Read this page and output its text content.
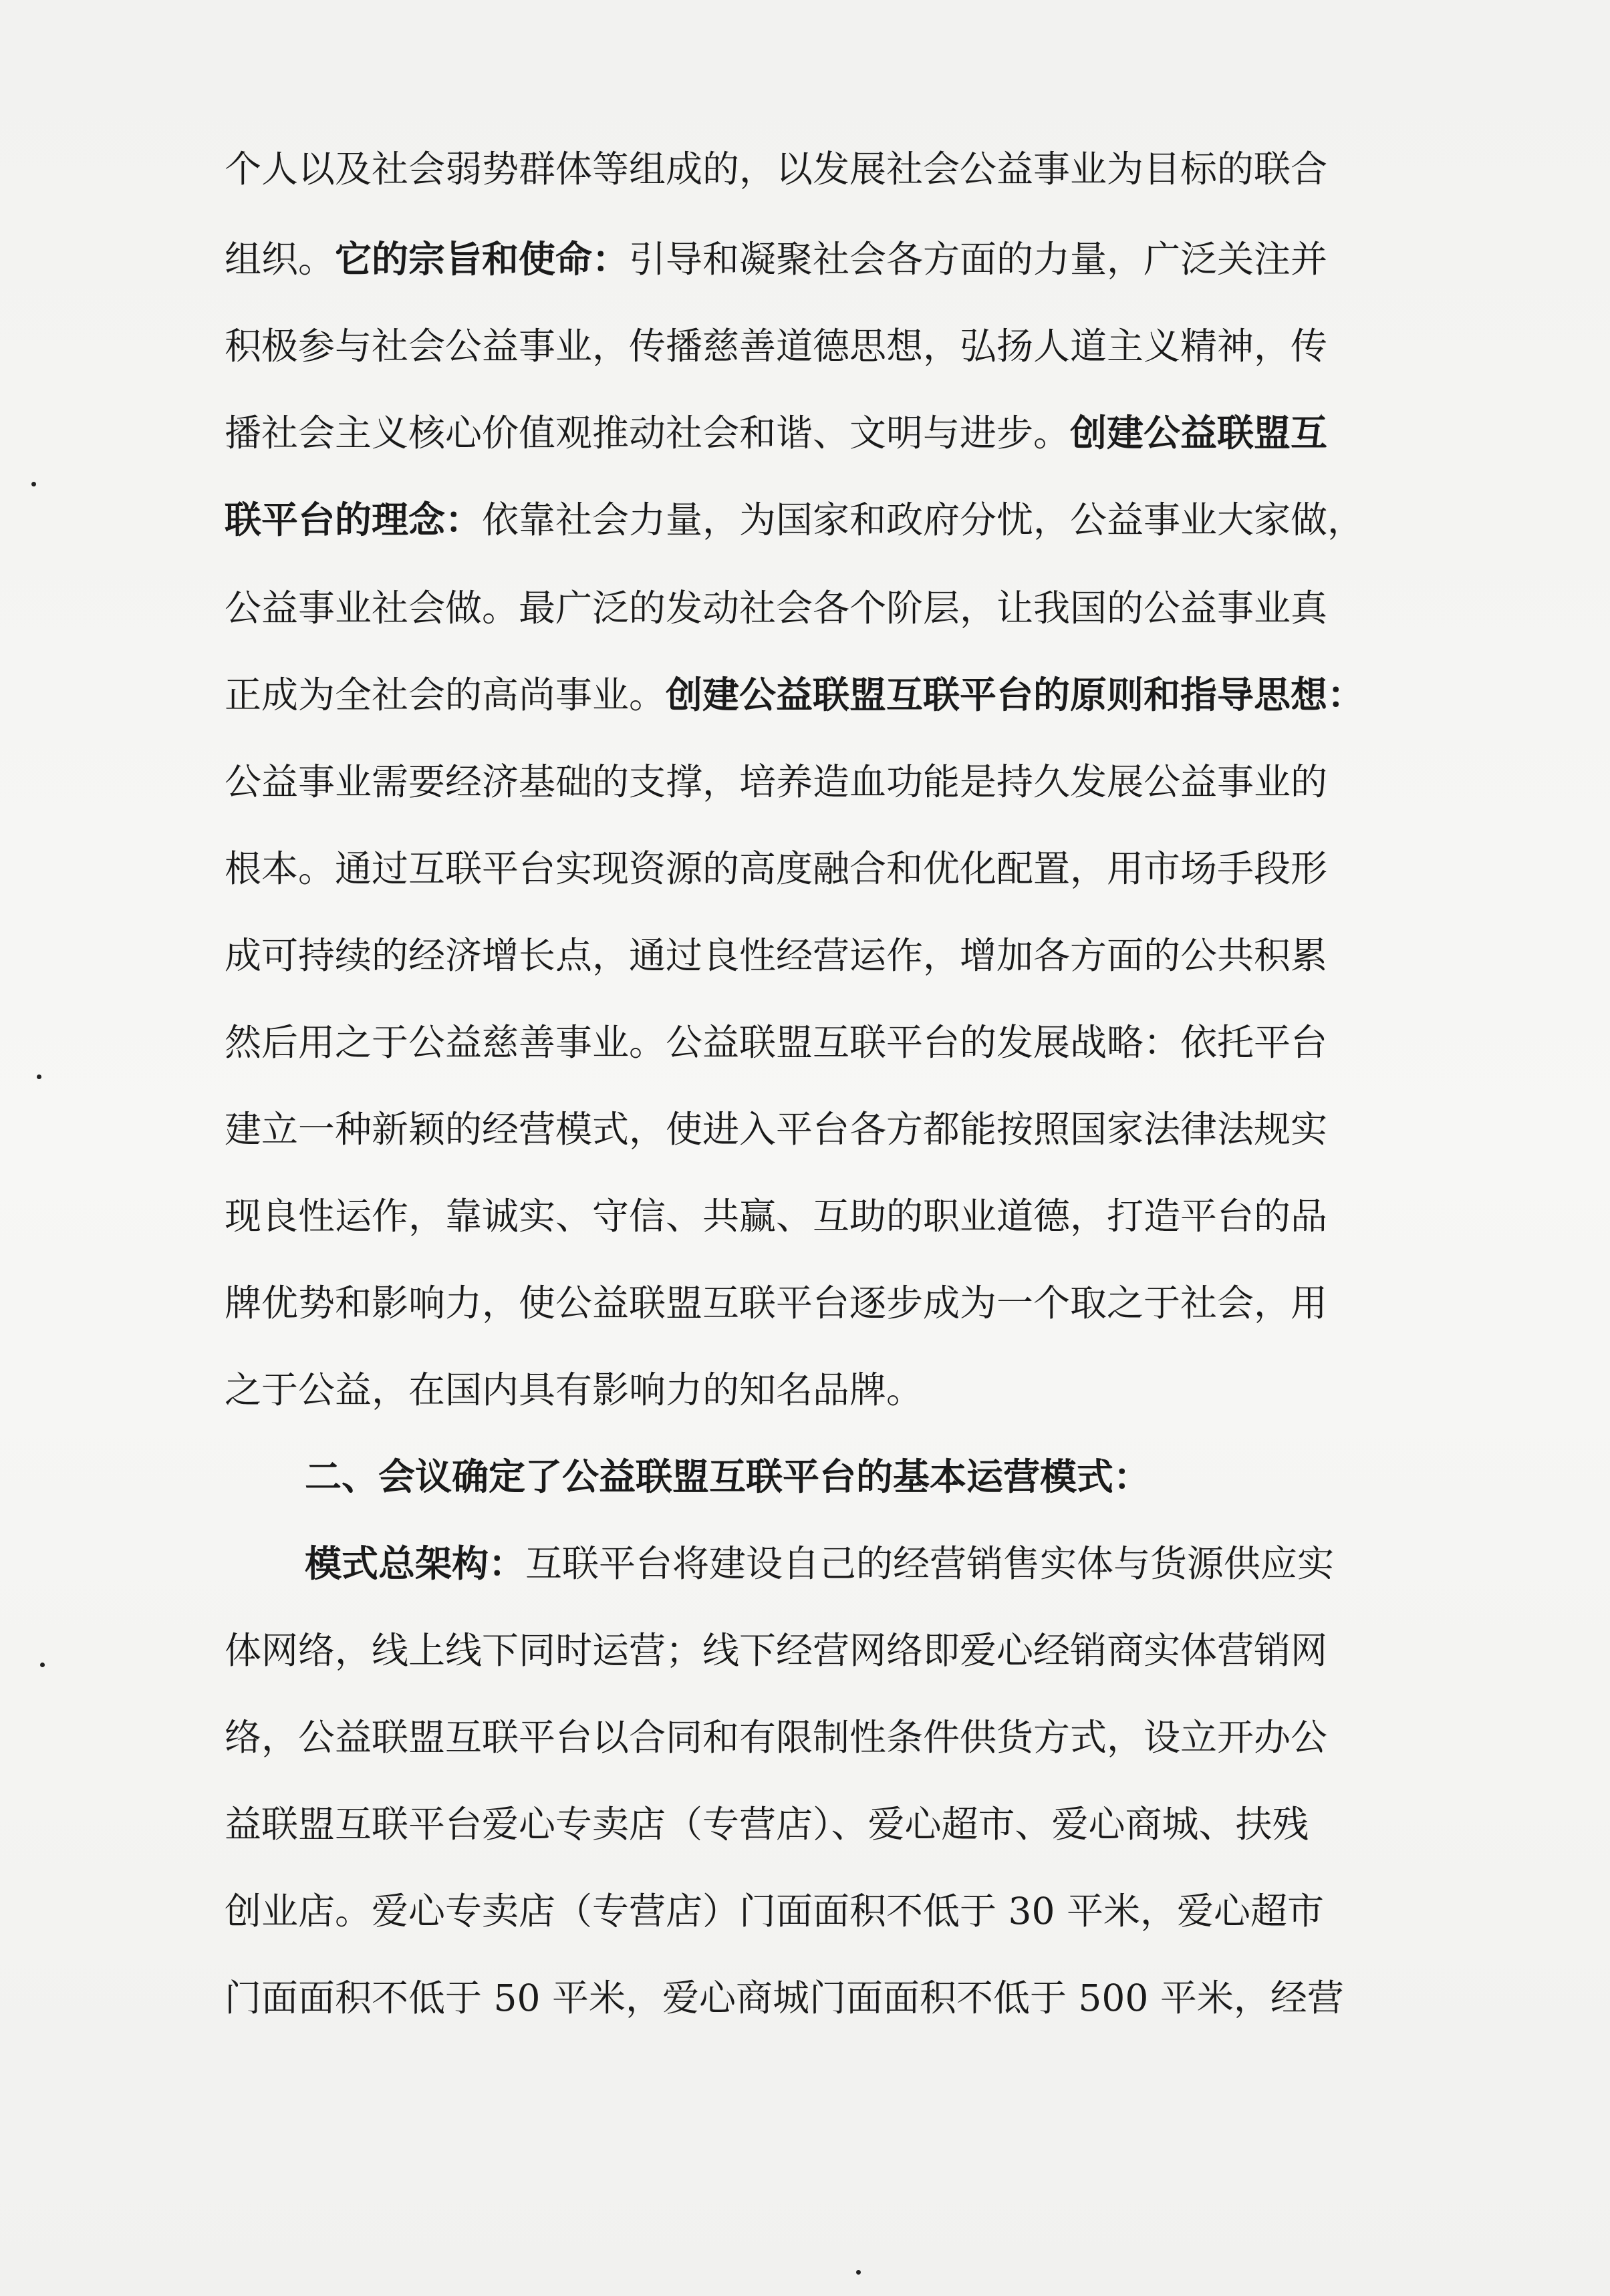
个人以及社会弱势群体等组成的，以发展社会公益事业为目标的联合
组织。它的宗旨和使命：引导和凝聚社会各方面的力量，广泛关注并
积极参与社会公益事业，传播慈善道德思想，弘扬人道主义精神，传
播社会主义核心价值观推动社会和谐、文明与进步。创建公益联盟互
联平台的理念：依靠社会力量，为国家和政府分忧，公益事业大家做，
公益事业社会做。最广泛的发动社会各个阶层，让我国的公益事业真
正成为全社会的高尚事业。创建公益联盟互联平台的原则和指导思想：
公益事业需要经济基础的支撑，培养造血功能是持久发展公益事业的
根本。通过互联平台实现资源的高度融合和优化配置，用市场手段形
成可持续的经济增长点，通过良性经营运作，增加各方面的公共积累
然后用之于公益慈善事业。公益联盟互联平台的发展战略：依托平台
建立一种新颖的经营模式，使进入平台各方都能按照国家法律法规实
现良性运作，靠诚实、守信、共赢、互助的职业道德，打造平台的品
牌优势和影响力，使公益联盟互联平台逐步成为一个取之于社会，用
之于公益，在国内具有影响力的知名品牌。
二、会议确定了公益联盟互联平台的基本运营模式：
模式总架构：互联平台将建设自己的经营销售实体与货源供应实
体网络，线上线下同时运营；线下经营网络即爱心经销商实体营销网
络，公益联盟互联平台以合同和有限制性条件供货方式，设立开办公
益联盟互联平台爱心专卖店（专营店）、爱心超市、爱心商城、扶残
创业店。爱心专卖店（专营店）门面面积不低于 30 平米，爱心超市
门面面积不低于 50 平米，爱心商城门面面积不低于 500 平米，经营
